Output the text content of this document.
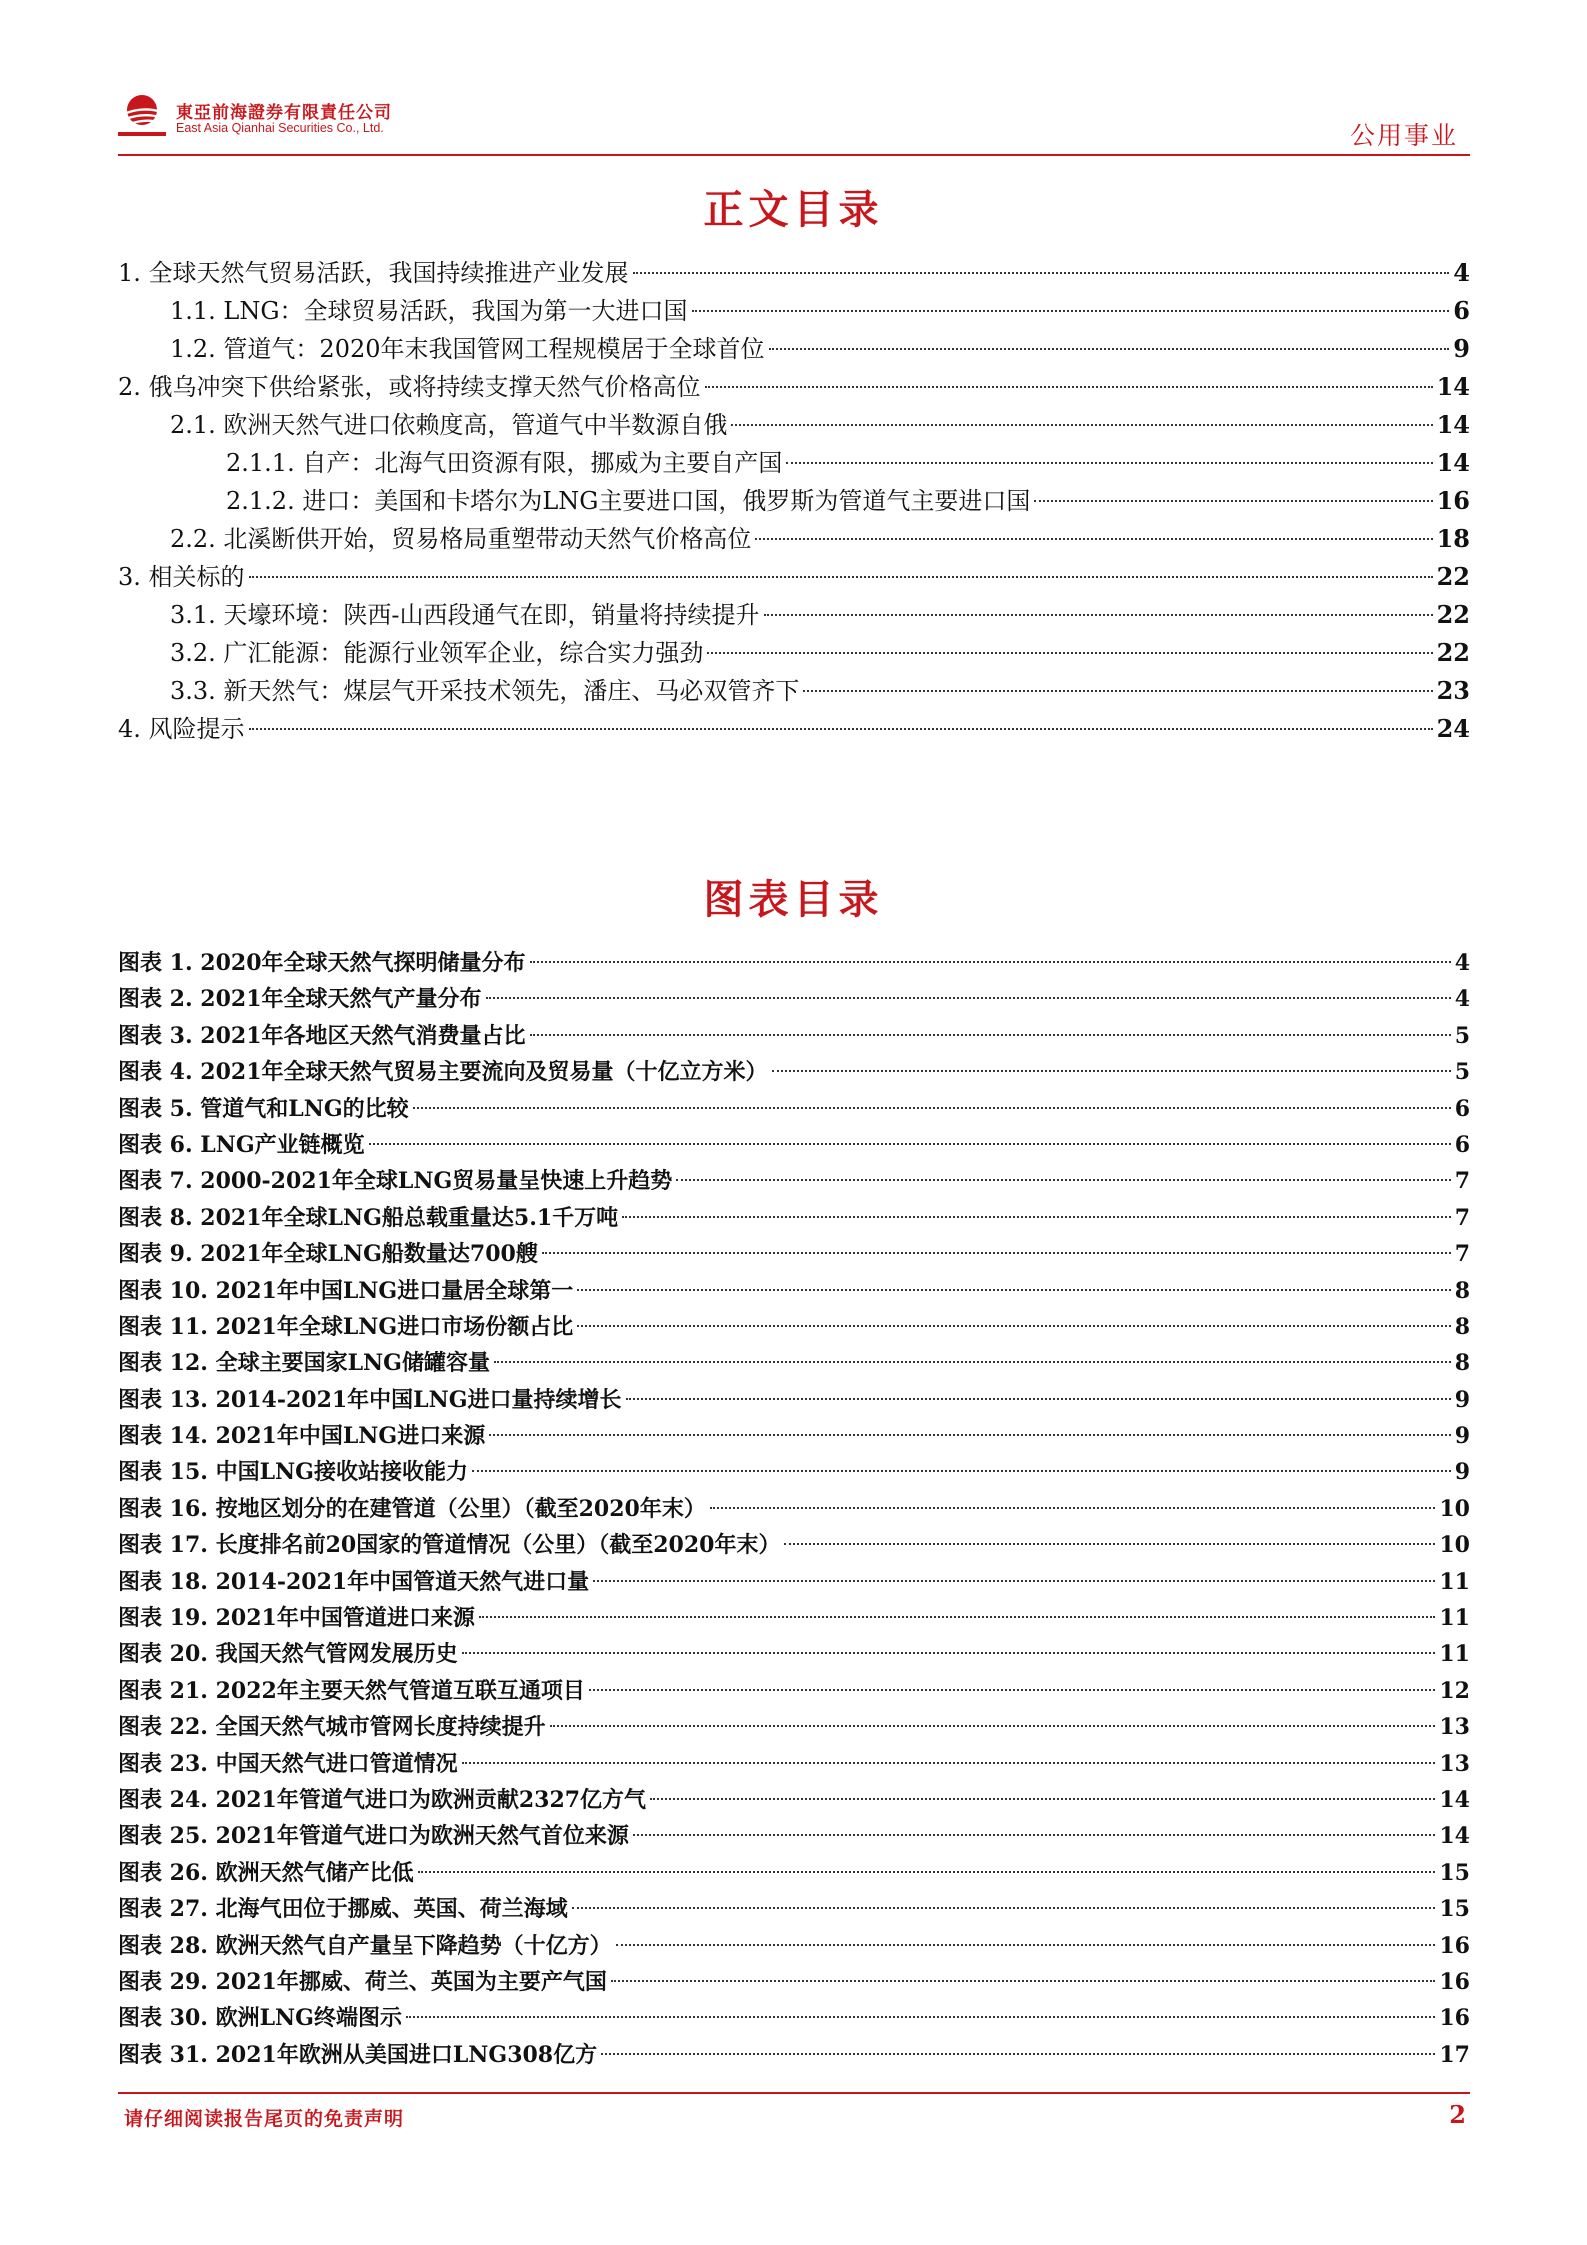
東亞前海證券有限責任公司
East Asia Qianhai Securities Co., Ltd.	公用事业
正文目录
1. 全球天然气贸易活跃，我国持续推进产业发展	4
1.1. LNG：全球贸易活跃，我国为第一大进口国	6
1.2. 管道气：2020年末我国管网工程规模居于全球首位	9
2. 俄乌冲突下供给紧张，或将持续支撑天然气价格高位	14
2.1. 欧洲天然气进口依赖度高，管道气中半数源自俄	14
2.1.1. 自产：北海气田资源有限，挪威为主要自产国	14
2.1.2. 进口：美国和卡塔尔为LNG主要进口国，俄罗斯为管道气主要进口国	16
2.2. 北溪断供开始，贸易格局重塑带动天然气价格高位	18
3. 相关标的	22
3.1. 天壕环境：陕西-山西段通气在即，销量将持续提升	22
3.2. 广汇能源：能源行业领军企业，综合实力强劲	22
3.3. 新天然气：煤层气开采技术领先，潘庄、马必双管齐下	23
4. 风险提示	24
图表目录
图表 1. 2020年全球天然气探明储量分布	4
图表 2. 2021年全球天然气产量分布	4
图表 3. 2021年各地区天然气消费量占比	5
图表 4. 2021年全球天然气贸易主要流向及贸易量（十亿立方米）	5
图表 5. 管道气和LNG的比较	6
图表 6. LNG产业链概览	6
图表 7. 2000-2021年全球LNG贸易量呈快速上升趋势	7
图表 8. 2021年全球LNG船总载重量达5.1千万吨	7
图表 9. 2021年全球LNG船数量达700艘	7
图表 10. 2021年中国LNG进口量居全球第一	8
图表 11. 2021年全球LNG进口市场份额占比	8
图表 12. 全球主要国家LNG储罐容量	8
图表 13. 2014-2021年中国LNG进口量持续增长	9
图表 14. 2021年中国LNG进口来源	9
图表 15. 中国LNG接收站接收能力	9
图表 16. 按地区划分的在建管道（公里）（截至2020年末）	10
图表 17. 长度排名前20国家的管道情况（公里）（截至2020年末）	10
图表 18. 2014-2021年中国管道天然气进口量	11
图表 19. 2021年中国管道进口来源	11
图表 20. 我国天然气管网发展历史	11
图表 21. 2022年主要天然气管道互联互通项目	12
图表 22. 全国天然气城市管网长度持续提升	13
图表 23. 中国天然气进口管道情况	13
图表 24. 2021年管道气进口为欧洲贡献2327亿方气	14
图表 25. 2021年管道气进口为欧洲天然气首位来源	14
图表 26. 欧洲天然气储产比低	15
图表 27. 北海气田位于挪威、英国、荷兰海域	15
图表 28. 欧洲天然气自产量呈下降趋势（十亿方）	16
图表 29. 2021年挪威、荷兰、英国为主要产气国	16
图表 30. 欧洲LNG终端图示	16
图表 31. 2021年欧洲从美国进口LNG308亿方	17
请仔细阅读报告尾页的免责声明	2
